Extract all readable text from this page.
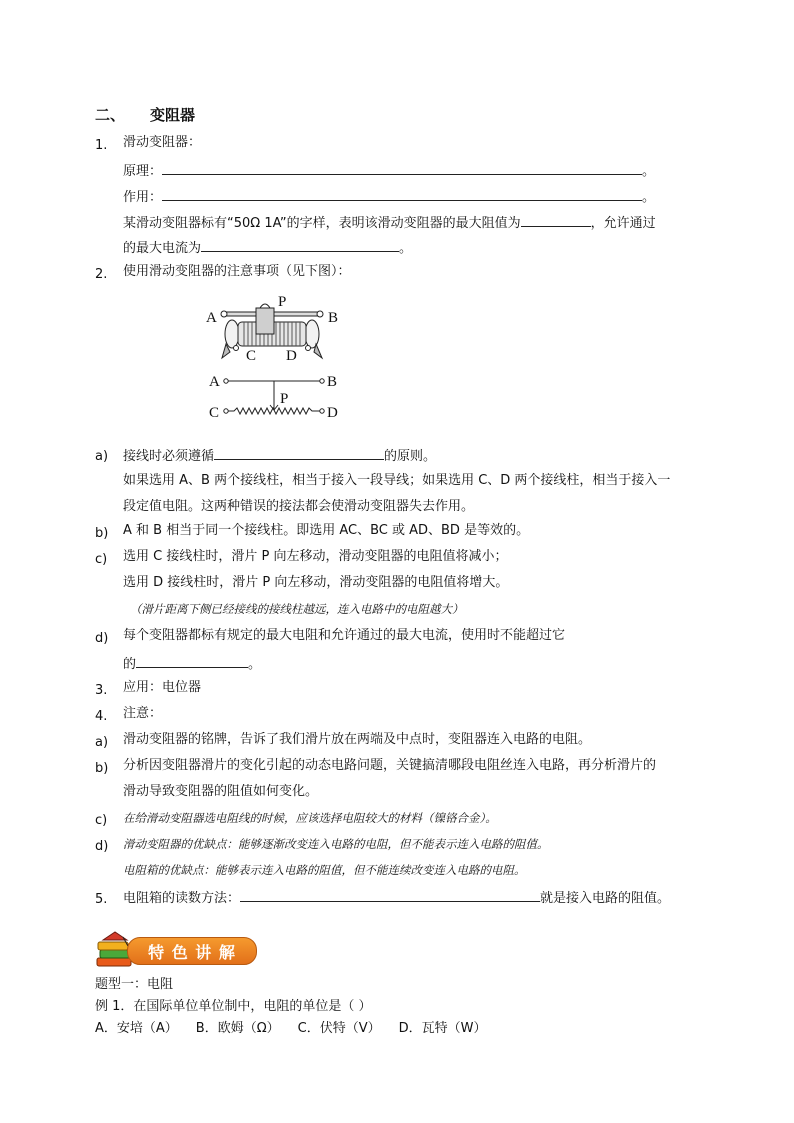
二、 变阻器
1. 滑动变阻器：
原理：	。
作用：	。
某滑动变阻器标有“50Ω 1A”的字样，表明该滑动变阻器的最大阻值为	，允许通过
的最大电流为	。
2. 使用滑动变阻器的注意事项（见下图）：
A	B
P
C D
A	B
P
C	D
a) 接线时必须遵循	的原则。
如果选用 A、B 两个接线柱，相当于接入一段导线；如果选用 C、D 两个接线柱，相当于接入一
段定值电阻。这两种错误的接法都会使滑动变阻器失去作用。
b) A 和 B 相当于同一个接线柱。即选用 AC、BC 或 AD、BD 是等效的。
c) 选用 C 接线柱时，滑片 P 向左移动，滑动变阻器的电阻值将减小；
选用 D 接线柱时，滑片 P 向左移动，滑动变阻器的电阻值将增大。
（滑片距离下侧已经接线的接线柱越远，连入电路中的电阻越大）
d) 每个变阻器都标有规定的最大电阻和允许通过的最大电流，使用时不能超过它
的	。
3. 应用：电位器
4. 注意：
a) 滑动变阻器的铭牌，告诉了我们滑片放在两端及中点时，变阻器连入电路的电阻。
b) 分析因变阻器滑片的变化引起的动态电路问题，关键搞清哪段电阻丝连入电路，再分析滑片的
滑动导致变阻器的阻值如何变化。
c) 在给滑动变阻器选电阻线的时候，应该选择电阻较大的材料（镍铬合金）。
d) 滑动变阻器的优缺点：能够逐渐改变连入电路的电阻，但不能表示连入电路的阻值。
电阻箱的优缺点：能够表示连入电路的阻值，但不能连续改变连入电路的电阻。
5. 电阻箱的读数方法：	就是接入电路的阻值。
特 色 讲 解
题型一：电阻
例 1．在国际单位单位制中，电阻的单位是（ ）
A．安培（A） B．欧姆（Ω） C．伏特（V） D．瓦特（W）
